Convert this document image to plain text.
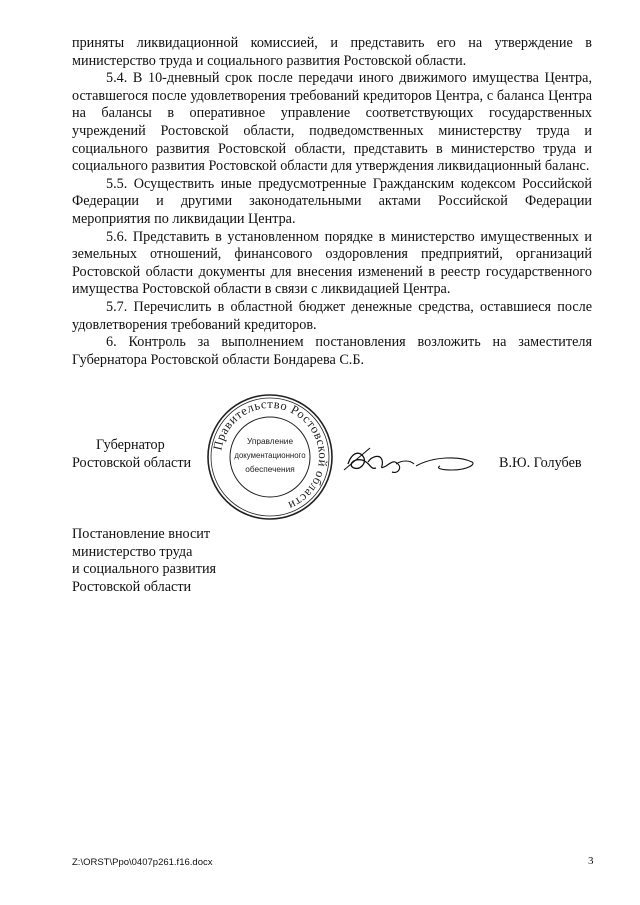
приняты ликвидационной комиссией, и представить его на утверждение в министерство труда и социального развития Ростовской области.

5.4. В 10-дневный срок после передачи иного движимого имущества Центра, оставшегося после удовлетворения требований кредиторов Центра, с баланса Центра на балансы в оперативное управление соответствующих государственных учреждений Ростовской области, подведомственных министерству труда и социального развития Ростовской области, представить в министерство труда и социального развития Ростовской области для утверждения ликвидационный баланс.

5.5. Осуществить иные предусмотренные Гражданским кодексом Российской Федерации и другими законодательными актами Российской Федерации мероприятия по ликвидации Центра.

5.6. Представить в установленном порядке в министерство имущественных и земельных отношений, финансового оздоровления предприятий, организаций Ростовской области документы для внесения изменений в реестр государственного имущества Ростовской области в связи с ликвидацией Центра.

5.7. Перечислить в областной бюджет денежные средства, оставшиеся после удовлетворения требований кредиторов.

6. Контроль за выполнением постановления возложить на заместителя Губернатора Ростовской области Бондарева С.Б.

Губернатор
Ростовской области
Правительство Ростовской области
Управление
документационного
обеспечения	В.Ю. Голубев
Постановление вносит
министерство труда
и социального развития
Ростовской области
Z:\ORST\Ppo\0407p261.f16.docx	3
